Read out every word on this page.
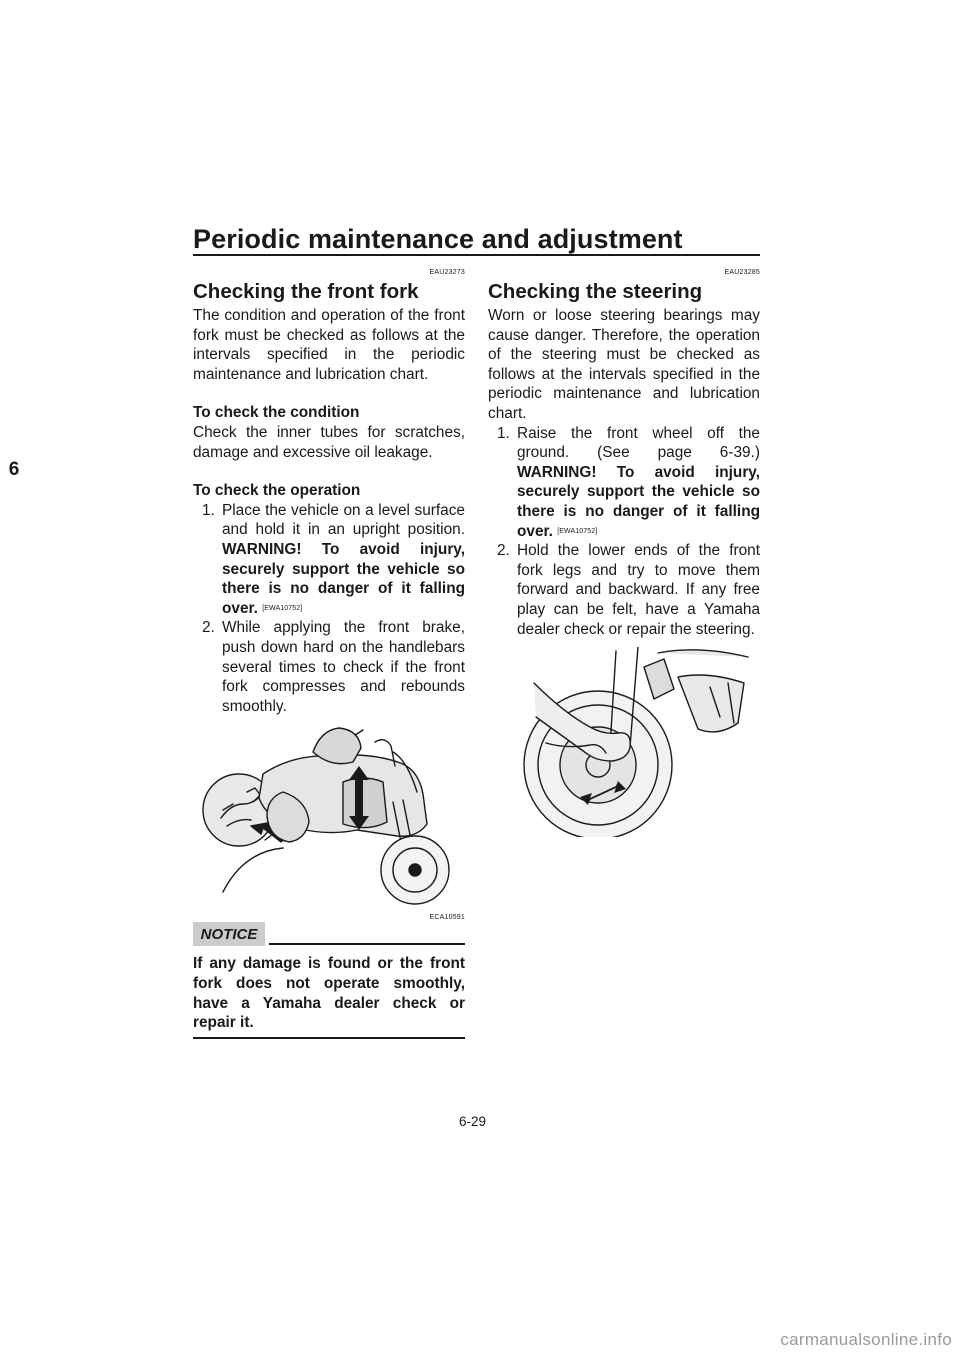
Periodic maintenance and adjustment
6
EAU23273
Checking the front fork

The condition and operation of the front fork must be checked as follows at the intervals specified in the periodic maintenance and lubrication chart.

To check the condition

Check the inner tubes for scratches, damage and excessive oil leakage.

To check the operation

1. Place the vehicle on a level surface and hold it in an upright position. WARNING! To avoid injury, securely support the vehicle so there is no danger of it falling over. [EWA10752]
2. While applying the front brake, push down hard on the handlebars several times to check if the front fork compresses and rebounds smoothly.
ECA10591
NOTICE

If any damage is found or the front fork does not operate smoothly, have a Yamaha dealer check or repair it.

EAU23285
Checking the steering

Worn or loose steering bearings may cause danger. Therefore, the operation of the steering must be checked as follows at the intervals specified in the periodic maintenance and lubrication chart.

1. Raise the front wheel off the ground. (See page 6-39.) WARNING! To avoid injury, securely support the vehicle so there is no danger of it falling over. [EWA10752]
2. Hold the lower ends of the front fork legs and try to move them forward and backward. If any free play can be felt, have a Yamaha dealer check or repair the steering.
6-29
carmanualsonline.info
